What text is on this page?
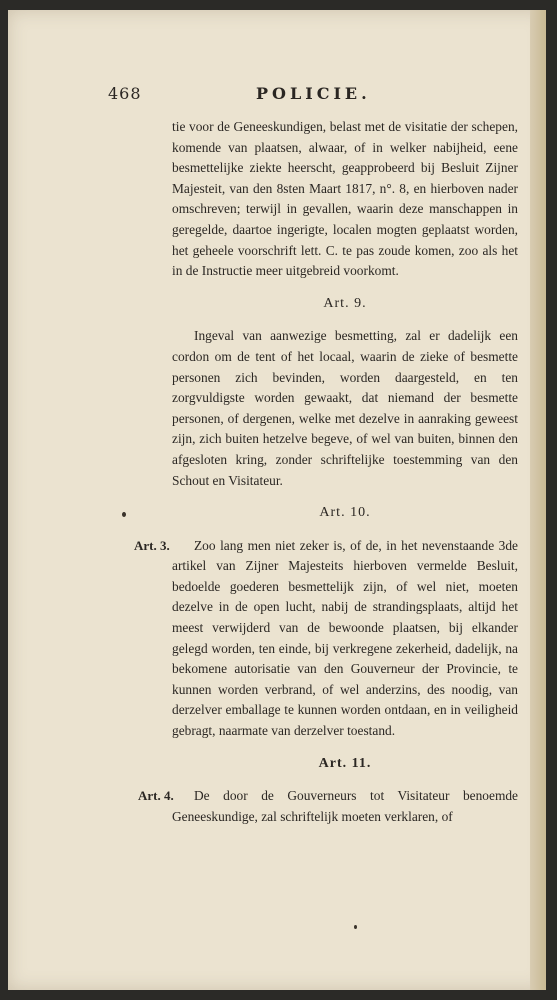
468	POLICIE.

tie voor de Geneeskundigen, belast met de visitatie der schepen, komende van plaatsen, alwaar, of in welker nabijheid, eene besmettelijke ziekte heerscht, geapprobeerd bij Besluit Zijner Majesteit, van den 8sten Maart 1817, n°. 8, en hierboven nader omschreven; terwijl in gevallen, waarin deze manschappen in geregelde, daartoe ingerigte, localen mogten geplaatst worden, het geheele voorschrift lett. C. te pas zoude komen, zoo als het in de Instructie meer uitgebreid voorkomt.

Art. 9.

Ingeval van aanwezige besmetting, zal er dadelijk een cordon om de tent of het locaal, waarin de zieke of besmette personen zich bevinden, worden daargesteld, en ten zorgvuldigste worden gewaakt, dat niemand der besmette personen, of dergenen, welke met dezelve in aanraking geweest zijn, zich buiten hetzelve begeve, of wel van buiten, binnen den afgesloten kring, zonder schriftelijke toestemming van den Schout en Visitateur.

Art. 10.
Art. 3.	Zoo lang men niet zeker is, of de, in het nevenstaande 3de artikel van Zijner Majesteits hierboven vermelde Besluit, bedoelde goederen besmettelijk zijn, of wel niet, moeten dezelve in de open lucht, nabij de strandingsplaats, altijd het meest verwijderd van de bewoonde plaatsen, bij elkander gelegd worden, ten einde, bij verkregene zekerheid, dadelijk, na bekomene autorisatie van den Gouverneur der Provincie, te kunnen worden verbrand, of wel anderzins, des noodig, van derzelver emballage te kunnen worden ontdaan, en in veiligheid gebragt, naarmate van derzelver toestand.

Art. 11.
Art. 4.	De door de Gouverneurs tot Visitateur benoemde Geneeskundige, zal schriftelijk moeten verklaren, of
